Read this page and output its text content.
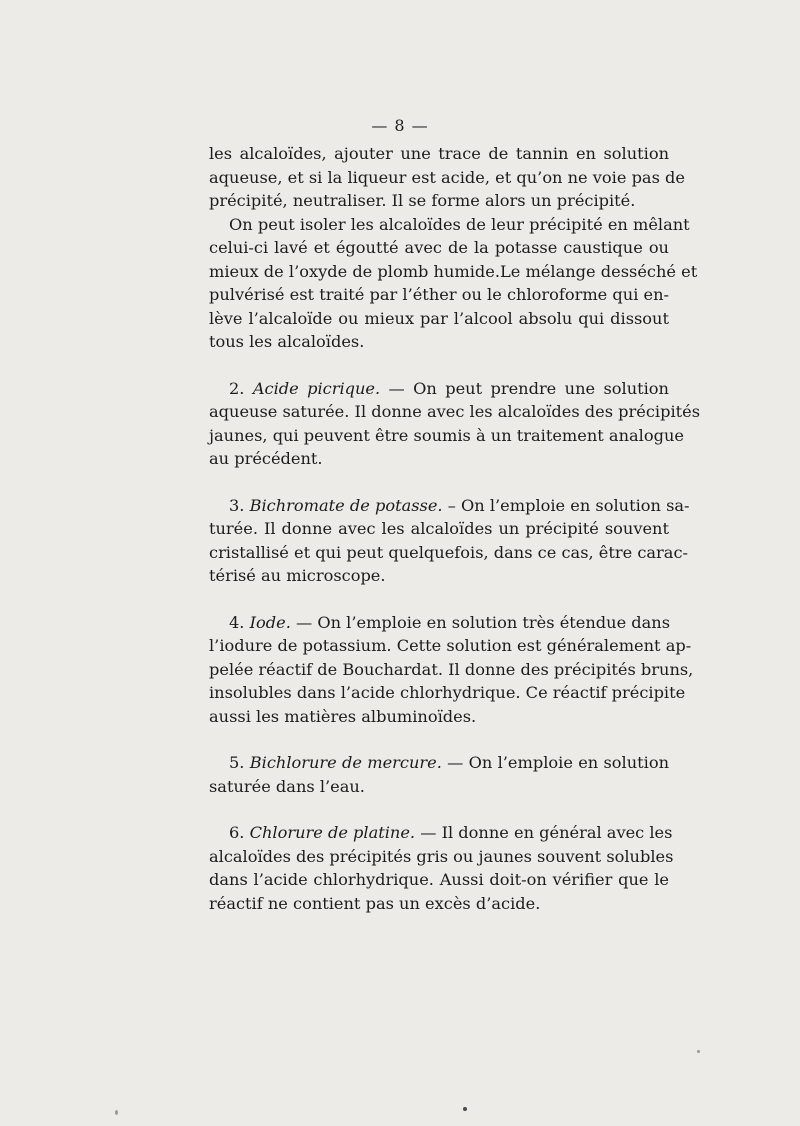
— 8 —
les alcaloïdes, ajouter une trace de tannin en solution
aqueuse, et si la liqueur est acide, et qu’on ne voie pas de
précipité, neutraliser. Il se forme alors un précipité.
On peut isoler les alcaloïdes de leur précipité en mêlant
celui-ci lavé et égoutté avec de la potasse caustique ou
mieux de l’oxyde de plomb humide.Le mélange desséché et
pulvérisé est traité par l’éther ou le chloroforme qui en-
lève l’alcaloïde ou mieux par l’alcool absolu qui dissout
tous les alcaloïdes.
2. Acide picrique. — On peut prendre une solution
aqueuse saturée. Il donne avec les alcaloïdes des précipités
jaunes, qui peuvent être soumis à un traitement analogue
au précédent.
3. Bichromate de potasse. – On l’emploie en solution sa-
turée. Il donne avec les alcaloïdes un précipité souvent
cristallisé et qui peut quelquefois, dans ce cas, être carac-
térisé au microscope.
4. Iode. — On l’emploie en solution très étendue dans
l’iodure de potassium. Cette solution est généralement ap-
pelée réactif de Bouchardat. Il donne des précipités bruns,
insolubles dans l’acide chlorhydrique. Ce réactif précipite
aussi les matières albuminoïdes.
5. Bichlorure de mercure. — On l’emploie en solution
saturée dans l’eau.
6. Chlorure de platine. — Il donne en général avec les
alcaloïdes des précipités gris ou jaunes souvent solubles
dans l’acide chlorhydrique. Aussi doit-on vérifier que le
réactif ne contient pas un excès d’acide.
